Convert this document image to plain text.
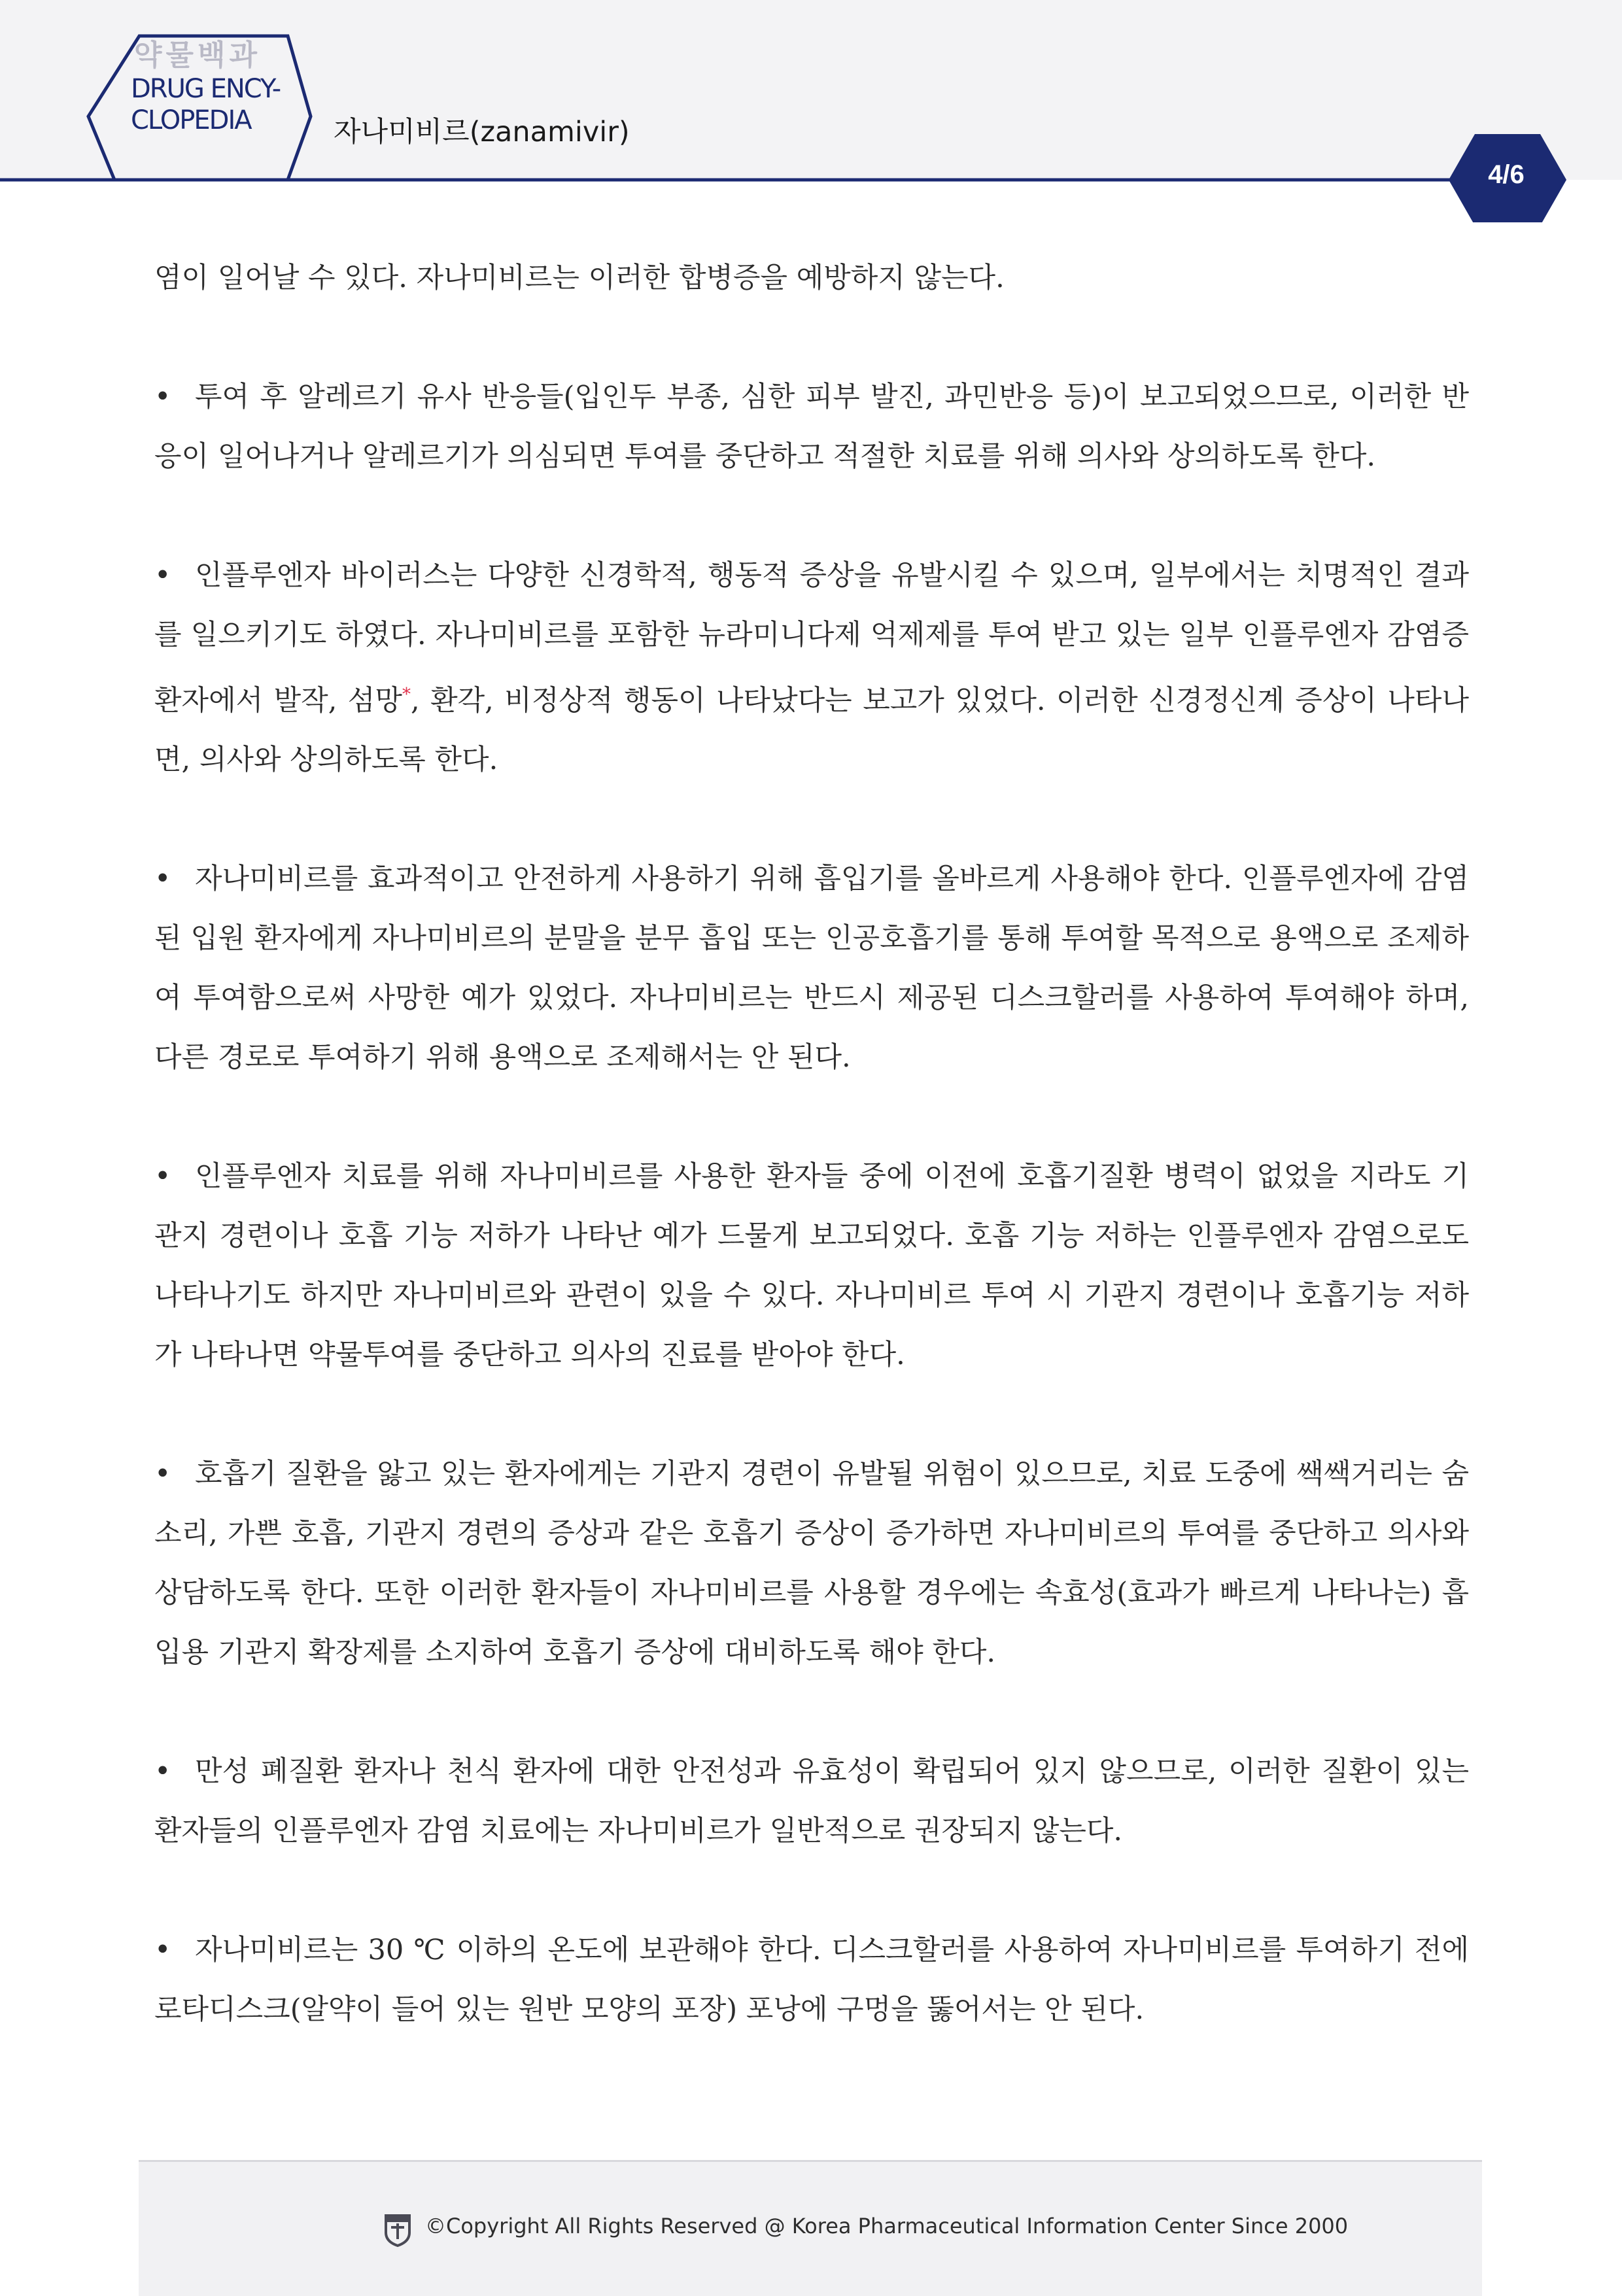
약물백과
DRUG ENCY-
CLOPEDIA	자나미비르(zanamivir)
4/6

염이 일어날 수 있다. 자나미비르는 이러한 합병증을 예방하지 않는다.

• 투여 후 알레르기 유사 반응들(입인두 부종, 심한 피부 발진, 과민반응 등)이 보고되었으므로, 이러한 반응이 일어나거나 알레르기가 의심되면 투여를 중단하고 적절한 치료를 위해 의사와 상의하도록 한다.

• 인플루엔자 바이러스는 다양한 신경학적, 행동적 증상을 유발시킬 수 있으며, 일부에서는 치명적인 결과를 일으키기도 하였다. 자나미비르를 포함한 뉴라미니다제 억제제를 투여 받고 있는 일부 인플루엔자 감염증 환자에서 발작, 섬망*, 환각, 비정상적 행동이 나타났다는 보고가 있었다. 이러한 신경정신계 증상이 나타나면, 의사와 상의하도록 한다.

• 자나미비르를 효과적이고 안전하게 사용하기 위해 흡입기를 올바르게 사용해야 한다. 인플루엔자에 감염된 입원 환자에게 자나미비르의 분말을 분무 흡입 또는 인공호흡기를 통해 투여할 목적으로 용액으로 조제하여 투여함으로써 사망한 예가 있었다. 자나미비르는 반드시 제공된 디스크할러를 사용하여 투여해야 하며, 다른 경로로 투여하기 위해 용액으로 조제해서는 안 된다.

• 인플루엔자 치료를 위해 자나미비르를 사용한 환자들 중에 이전에 호흡기질환 병력이 없었을 지라도 기관지 경련이나 호흡 기능 저하가 나타난 예가 드물게 보고되었다. 호흡 기능 저하는 인플루엔자 감염으로도 나타나기도 하지만 자나미비르와 관련이 있을 수 있다. 자나미비르 투여 시 기관지 경련이나 호흡기능 저하가 나타나면 약물투여를 중단하고 의사의 진료를 받아야 한다.

• 호흡기 질환을 앓고 있는 환자에게는 기관지 경련이 유발될 위험이 있으므로, 치료 도중에 쌕쌕거리는 숨소리, 가쁜 호흡, 기관지 경련의 증상과 같은 호흡기 증상이 증가하면 자나미비르의 투여를 중단하고 의사와 상담하도록 한다. 또한 이러한 환자들이 자나미비르를 사용할 경우에는 속효성(효과가 빠르게 나타나는) 흡입용 기관지 확장제를 소지하여 호흡기 증상에 대비하도록 해야 한다.

• 만성 폐질환 환자나 천식 환자에 대한 안전성과 유효성이 확립되어 있지 않으므로, 이러한 질환이 있는 환자들의 인플루엔자 감염 치료에는 자나미비르가 일반적으로 권장되지 않는다.

• 자나미비르는 30 ℃ 이하의 온도에 보관해야 한다. 디스크할러를 사용하여 자나미비르를 투여하기 전에 로타디스크(알약이 들어 있는 원반 모양의 포장) 포낭에 구멍을 뚫어서는 안 된다.

©Copyright All Rights Reserved @ Korea Pharmaceutical Information Center Since 2000
